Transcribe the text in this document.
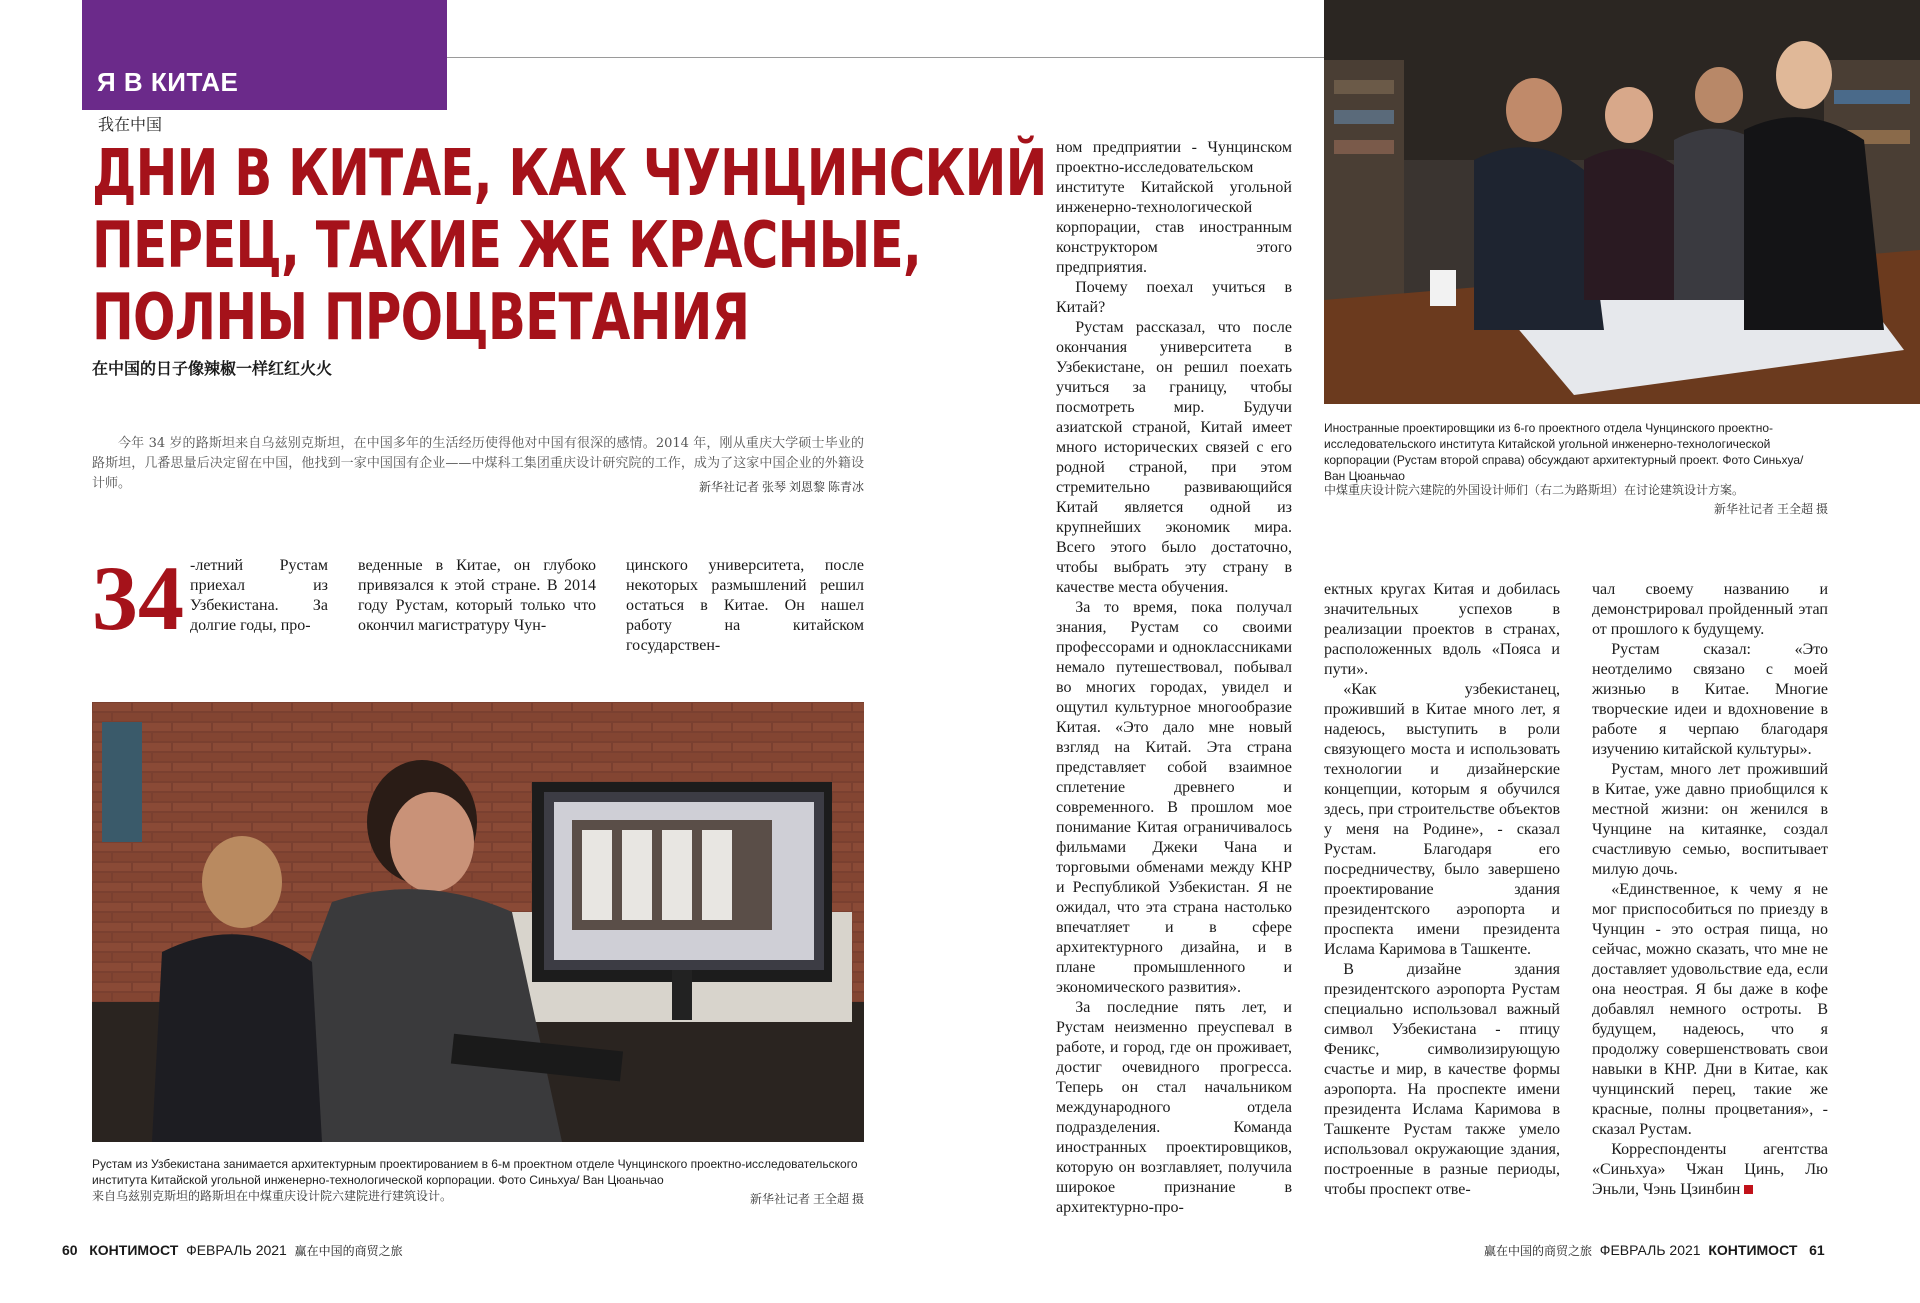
Я В КИТАЕ
我在中国
ДНИ В КИТАЕ, КАК ЧУНЦИНСКИЙ
ПЕРЕЦ, ТАКИЕ ЖЕ КРАСНЫЕ,
ПОЛНЫ ПРОЦВЕТАНИЯ
在中国的日子像辣椒一样红红火火
今年 34 岁的路斯坦来自乌兹别克斯坦，在中国多年的生活经历使得他对中国有很深的感情。2014 年，刚从重庆大学硕士毕业的路斯坦，几番思量后决定留在中国，他找到一家中国国有企业——中煤科工集团重庆设计研究院的工作，成为了这家中国企业的外籍设计师。	新华社记者 张琴 刘恩黎 陈青冰
34 -летний Рустам приехал из Узбекистана. За долгие годы, про-
веденные в Китае, он глубоко привязался к этой стране. В 2014 году Рустам, который только что окончил магистратуру Чун-
цинского университета, после некоторых размышлений решил остаться в Китае. Он нашел работу на китайском государствен-
Рустам из Узбекистана занимается архитектурным проектированием в 6-м проектном отделе Чунцинского проектно-исследовательского института Китайской угольной инженерно-технологической корпорации. Фото Синьхуа/ Ван Цюаньчао
来自乌兹别克斯坦的路斯坦在中煤重庆设计院六建院进行建筑设计。	新华社记者 王全超 摄

ном предприятии - Чунцинском проектно-исследовательском институте Китайской угольной инженерно-технологической корпорации, став иностранным конструктором этого предприятия.

Почему поехал учиться в Китай?

Рустам рассказал, что после окончания университета в Узбекистане, он решил поехать учиться за границу, чтобы посмотреть мир. Будучи азиатской страной, Китай имеет много исторических связей с его родной страной, при этом стремительно развивающийся Китай является одной из крупнейших экономик мира. Всего этого было достаточно, чтобы выбрать эту страну в качестве места обучения.

За то время, пока получал знания, Рустам со своими профессорами и одноклассниками немало путешествовал, побывал во многих городах, увидел и ощутил культурное многообразие Китая. «Это дало мне новый взгляд на Китай. Эта страна представляет собой взаимное сплетение древнего и современного. В прошлом мое понимание Китая ограничивалось фильмами Джеки Чана и торговыми обменами между КНР и Республикой Узбекистан. Я не ожидал, что эта страна настолько впечатляет и в сфере архитектурного дизайна, и в плане промышленного и экономического развития».

За последние пять лет, и Рустам неизменно преуспевал в работе, и город, где он проживает, достиг очевидного прогресса. Теперь он стал начальником международного отдела подразделения. Команда иностранных проектировщиков, которую он возглавляет, получила широкое признание в архитектурно-про-

Иностранные проектировщики из 6-го проектного отдела Чунцинского проектно-исследовательского института Китайской угольной инженерно-технологической корпорации (Рустам второй справа) обсуждают архитектурный проект. Фото Синьхуа/ Ван Цюаньчао
中煤重庆设计院六建院的外国设计师们（右二为路斯坦）在讨论建筑设计方案。
新华社记者 王全超 摄

ектных кругах Китая и добилась значительных успехов в реализации проектов в странах, расположенных вдоль «Пояса и пути».

«Как узбекистанец, проживший в Китае много лет, я надеюсь, выступить в роли связующего моста и использовать технологии и дизайнерские концепции, которым я обучился здесь, при строительстве объектов у меня на Родине», - сказал Рустам. Благодаря его посредничеству, было завершено проектирование здания президентского аэропорта и проспекта имени президента Ислама Каримова в Ташкенте.

В дизайне здания президентского аэропорта Рустам специально использовал важный символ Узбекистана - птицу Феникс, символизирующую счастье и мир, в качестве формы аэропорта. На проспекте имени президента Ислама Каримова в Ташкенте Рустам также умело использовал окружающие здания, построенные в разные периоды, чтобы проспект отве-

чал своему названию и демонстрировал пройденный этап от прошлого к будущему.

Рустам сказал: «Это неотделимо связано с моей жизнью в Китае. Многие творческие идеи и вдохновение в работе я черпаю благодаря изучению китайской культуры».

Рустам, много лет проживший в Китае, уже давно приобщился к местной жизни: он женился в Чунцине на китаянке, создал счастливую семью, воспитывает милую дочь.

«Единственное, к чему я не мог приспособиться по приезду в Чунцин - это острая пища, но сейчас, можно сказать, что мне не доставляет удовольствие еда, если она неострая. Я бы даже в кофе добавлял немного остроты. В будущем, надеюсь, что я продолжу совершенствовать свои навыки в КНР. Дни в Китае, как чунцинский перец, такие же красные, полны процветания», - сказал Рустам.

Корреспонденты агентства «Синьхуа» Чжан Цинь, Лю Эньли, Чэнь Цзинбин

60 КОНТИМОСТ ФЕВРАЛЬ 2021 赢在中国的商贸之旅	赢在中国的商贸之旅 ФЕВРАЛЬ 2021 КОНТИМОСТ 61
